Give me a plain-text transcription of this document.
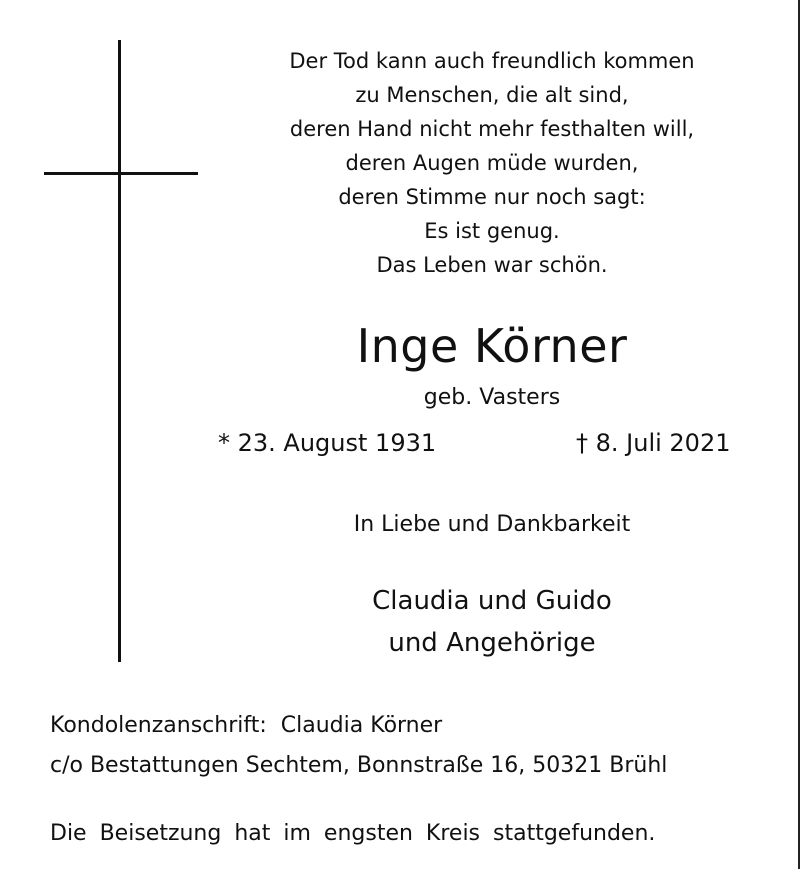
Der Tod kann auch freundlich kommen
zu Menschen, die alt sind,
deren Hand nicht mehr festhalten will,
deren Augen müde wurden,
deren Stimme nur noch sagt:
Es ist genug.
Das Leben war schön.
Inge Körner
geb. Vasters
* 23. August 1931	† 8. Juli 2021
In Liebe und Dankbarkeit
Claudia und Guido
und Angehörige
Kondolenzanschrift: Claudia Körner
c/o Bestattungen Sechtem, Bonnstraße 16, 50321 Brühl
Die Beisetzung hat im engsten Kreis stattgefunden.
